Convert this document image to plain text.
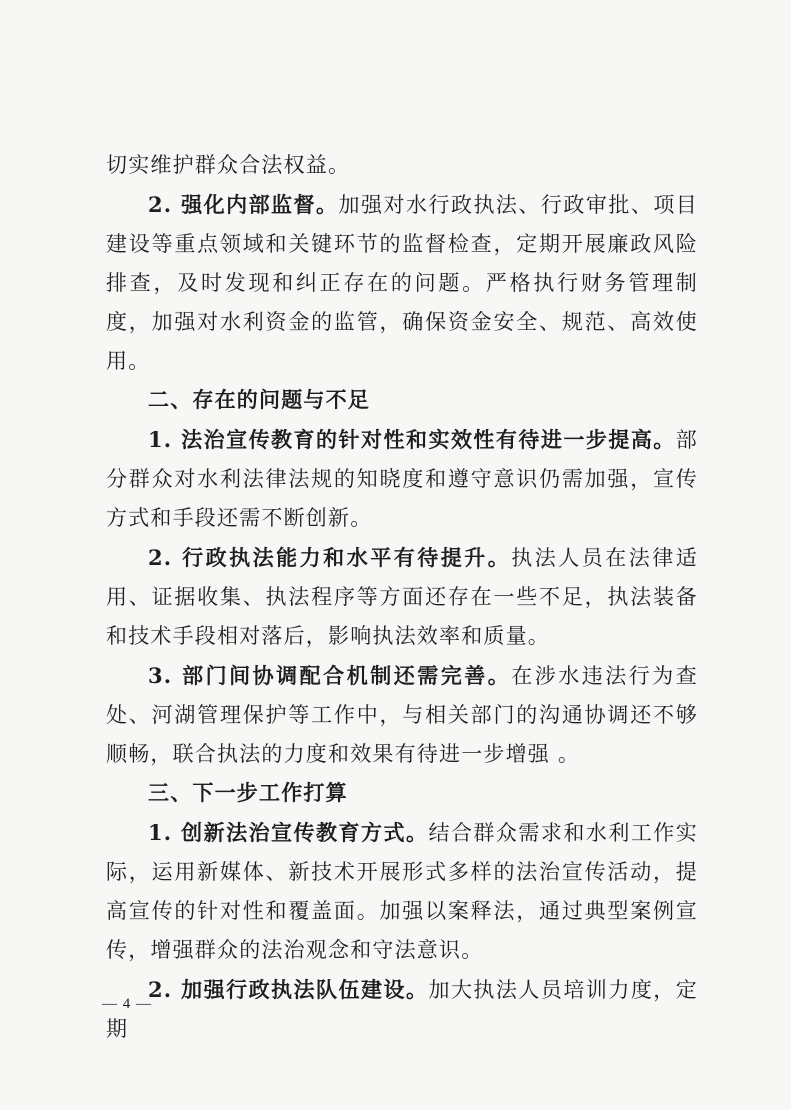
切实维护群众合法权益。

2. 强化内部监督。加强对水行政执法、行政审批、项目建设等重点领域和关键环节的监督检查，定期开展廉政风险排查，及时发现和纠正存在的问题。严格执行财务管理制度，加强对水利资金的监管，确保资金安全、规范、高效使用。

二、存在的问题与不足

1. 法治宣传教育的针对性和实效性有待进一步提高。部分群众对水利法律法规的知晓度和遵守意识仍需加强，宣传方式和手段还需不断创新。

2. 行政执法能力和水平有待提升。执法人员在法律适用、证据收集、执法程序等方面还存在一些不足，执法装备和技术手段相对落后，影响执法效率和质量。

3. 部门间协调配合机制还需完善。在涉水违法行为查处、河湖管理保护等工作中，与相关部门的沟通协调还不够顺畅，联合执法的力度和效果有待进一步增强 。

三、下一步工作打算

1. 创新法治宣传教育方式。结合群众需求和水利工作实际，运用新媒体、新技术开展形式多样的法治宣传活动，提高宣传的针对性和覆盖面。加强以案释法，通过典型案例宣传，增强群众的法治观念和守法意识。

2. 加强行政执法队伍建设。加大执法人员培训力度，定期

— 4 —
